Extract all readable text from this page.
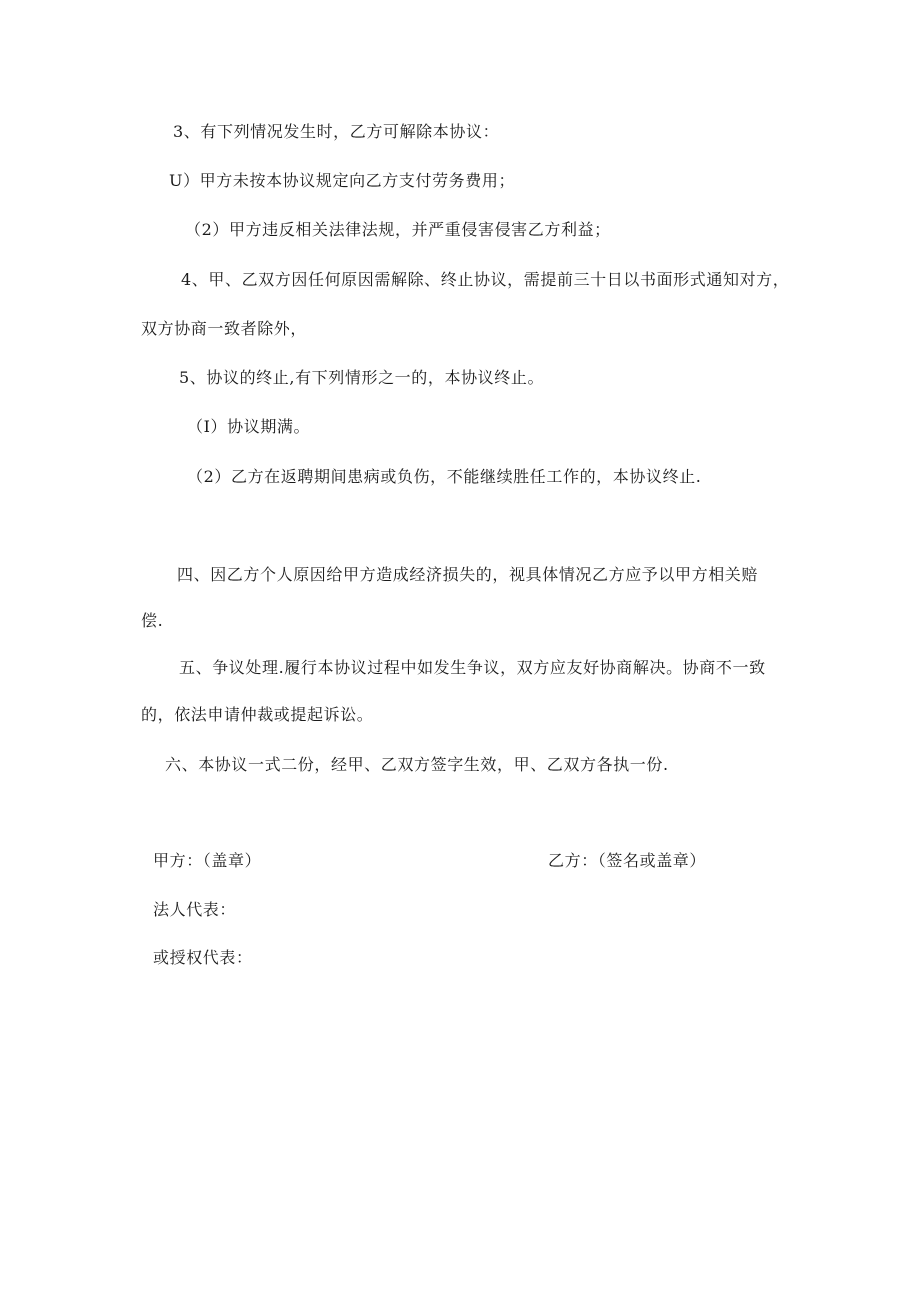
3、有下列情况发生时，乙方可解除本协议：
U）甲方未按本协议规定向乙方支付劳务费用；
（2）甲方违反相关法律法规，并严重侵害侵害乙方利益；
4、甲、乙双方因任何原因需解除、终止协议，需提前三十日以书面形式通知对方，
双方协商一致者除外，
5、协议的终止,有下列情形之一的，本协议终止。
（I）协议期满。
（2）乙方在返聘期间患病或负伤，不能继续胜任工作的，本协议终止.
四、因乙方个人原因给甲方造成经济损失的，视具体情况乙方应予以甲方相关赔
偿.
五、争议处理.履行本协议过程中如发生争议，双方应友好协商解决。协商不一致
的，依法申请仲裁或提起诉讼。
六、本协议一式二份，经甲、乙双方签字生效，甲、乙双方各执一份.
甲方：（盖章）	乙方：（签名或盖章）
法人代表：
或授权代表：
